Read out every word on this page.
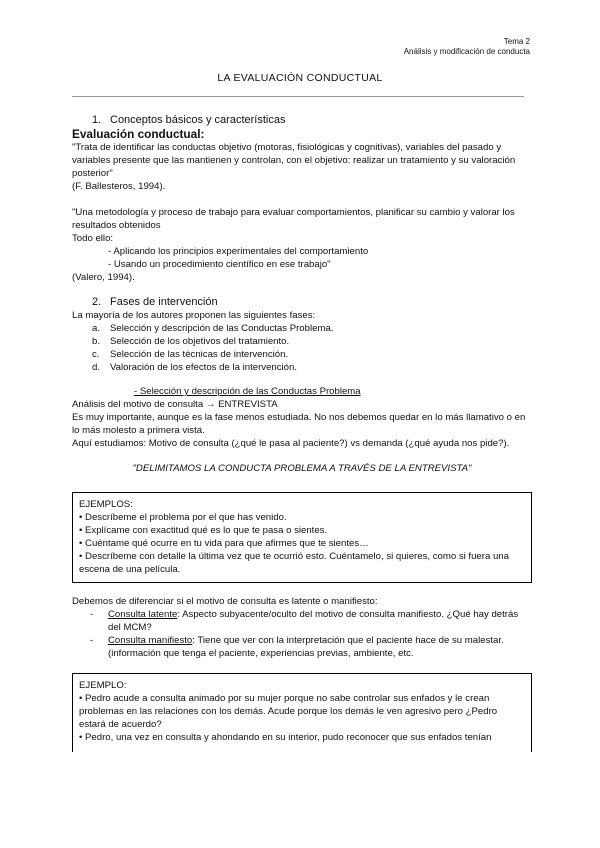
Tema 2
Análisis y modificación de conducta
LA EVALUACIÓN CONDUCTUAL

1. Conceptos básicos y características

Evaluación conductual:

"Trata de identificar las conductas objetivo (motoras, fisiológicas y cognitivas), variables del pasado y variables presente que las mantienen y controlan, con el objetivo: realizar un tratamiento y su valoración posterior"

(F. Ballesteros, 1994).

"Una metodología y proceso de trabajo para evaluar comportamientos, planificar su cambio y valorar los resultados obtenidos

Todo ello:

- Aplicando los principios experimentales del comportamiento

- Usando un procedimiento científico en ese trabajo"

(Valero, 1994).

2. Fases de intervención

La mayoría de los autores proponen las siguientes fases:

a. Selección y descripción de las Conductas Problema.
b. Selección de los objetivos del tratamiento.
c. Selección de las técnicas de intervención.
d. Valoración de los efectos de la intervención.

- Selección y descripción de las Conductas Problema

Análisis del motivo de consulta → ENTREVISTA

Es muy importante, aunque es la fase menos estudiada. No nos debemos quedar en lo más llamativo o en lo más molesto a primera vista.

Aquí estudiamos: Motivo de consulta (¿qué le pasa al paciente?) vs demanda (¿qué ayuda nos pide?).

"DELIMITAMOS LA CONDUCTA PROBLEMA A TRAVÉS DE LA ENTREVISTA"

EJEMPLOS:

• Descríbeme el problema por el que has venido.

• Explícame con exactitud qué es lo que te pasa o sientes.

• Cuéntame qué ocurre en tu vida para que afirmes que te sientes…

• Descríbeme con detalle la última vez que te ocurrió esto. Cuéntamelo, si quieres, como si fuera una escena de una película.

Debemos de diferenciar si el motivo de consulta es latente o manifiesto:

- Consulta latente: Aspecto subyacente/oculto del motivo de consulta manifiesto. ¿Qué hay detrás del MCM?
- Consulta manifiesto: Tiene que ver con la interpretación que el paciente hace de su malestar. (información que tenga el paciente, experiencias previas, ambiente, etc.

EJEMPLO:

• Pedro acude a consulta animado por su mujer porque no sabe controlar sus enfados y le crean problemas en las relaciones con los demás. Acude porque los demás le ven agresivo pero ¿Pedro estará de acuerdo?

• Pedro, una vez en consulta y ahondando en su interior, pudo reconocer que sus enfados tenían
